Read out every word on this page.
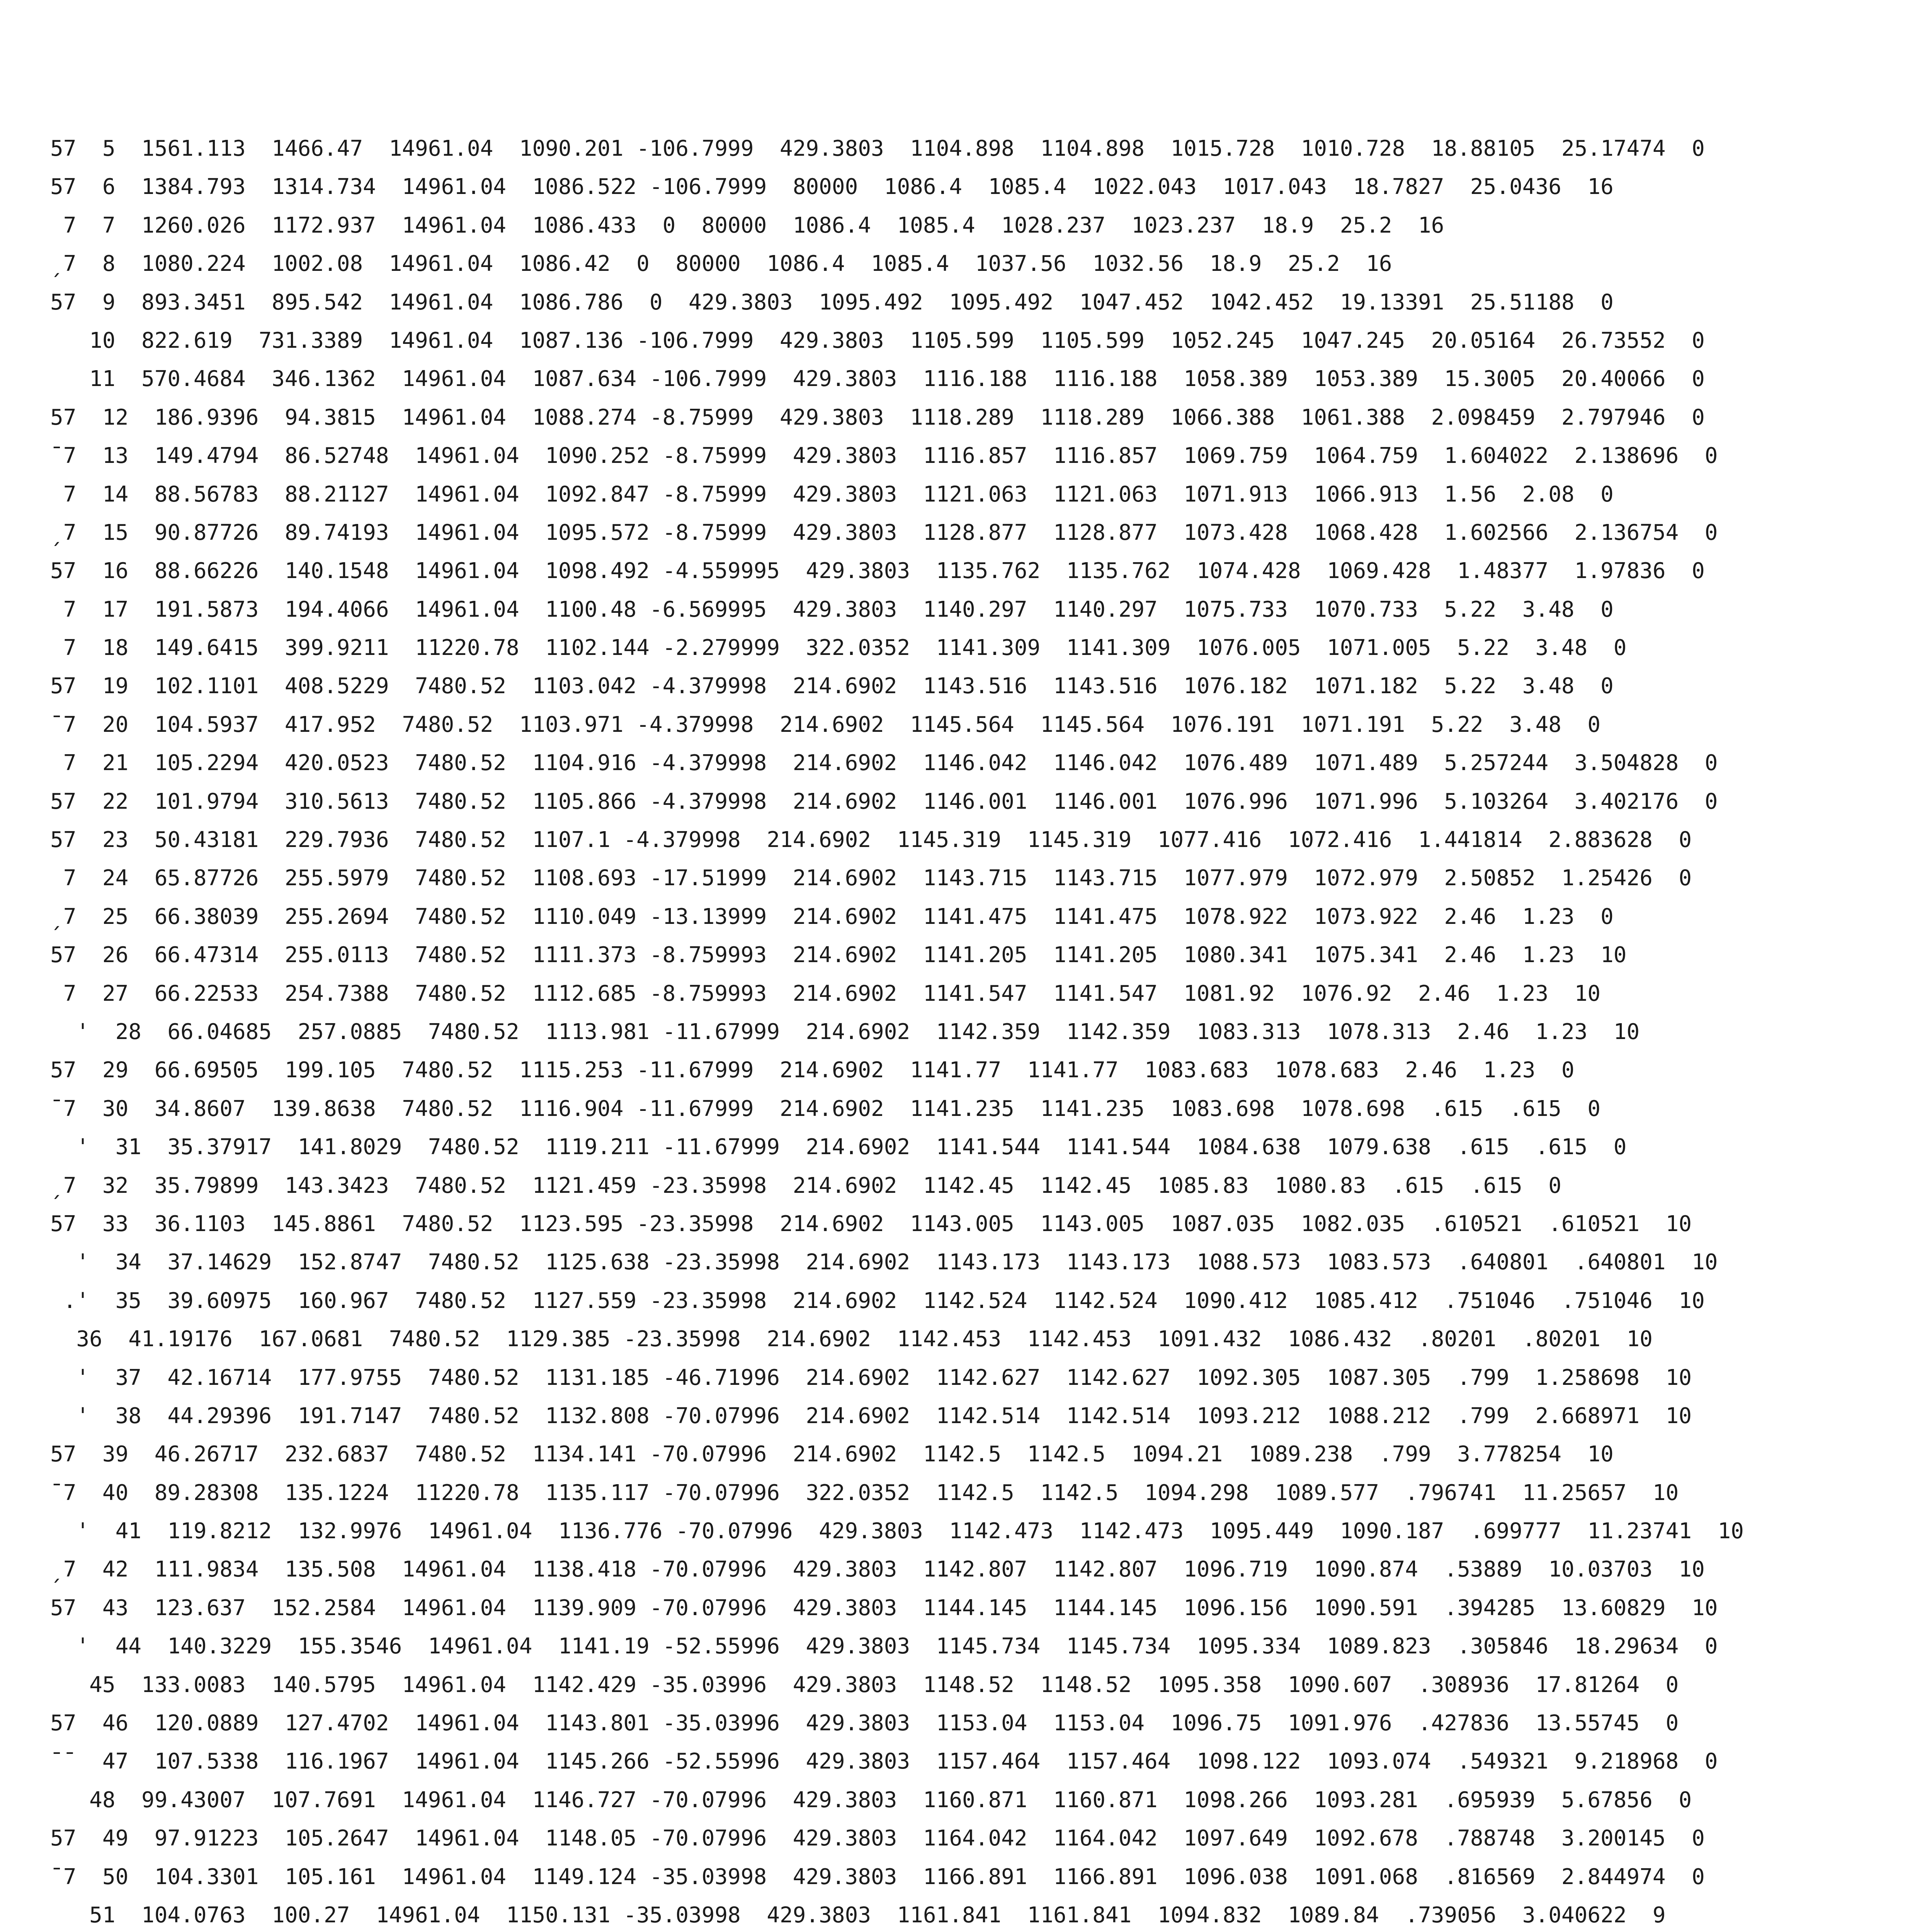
57  5  1561.113  1466.47  14961.04  1090.201 -106.7999  429.3803  1104.898  1104.898  1015.728  1010.728  18.88105  25.17474  0
57  6  1384.793  1314.734  14961.04  1086.522 -106.7999  80000  1086.4  1085.4  1022.043  1017.043  18.7827  25.0436  16
7  7  1260.026  1172.937  14961.04  1086.433  0  80000  1086.4  1085.4  1028.237  1023.237  18.9  25.2  16
ˏ7  8  1080.224  1002.08  14961.04  1086.42  0  80000  1086.4  1085.4  1037.56  1032.56  18.9  25.2  16
57  9  893.3451  895.542  14961.04  1086.786  0  429.3803  1095.492  1095.492  1047.452  1042.452  19.13391  25.51188  0
10  822.619  731.3389  14961.04  1087.136 -106.7999  429.3803  1105.599  1105.599  1052.245  1047.245  20.05164  26.73552  0
11  570.4684  346.1362  14961.04  1087.634 -106.7999  429.3803  1116.188  1116.188  1058.389  1053.389  15.3005  20.40066  0
57  12  186.9396  94.3815  14961.04  1088.274 -8.75999  429.3803  1118.289  1118.289  1066.388  1061.388  2.098459  2.797946  0
ˉ7  13  149.4794  86.52748  14961.04  1090.252 -8.75999  429.3803  1116.857  1116.857  1069.759  1064.759  1.604022  2.138696  0
7  14  88.56783  88.21127  14961.04  1092.847 -8.75999  429.3803  1121.063  1121.063  1071.913  1066.913  1.56  2.08  0
ˏ7  15  90.87726  89.74193  14961.04  1095.572 -8.75999  429.3803  1128.877  1128.877  1073.428  1068.428  1.602566  2.136754  0
57  16  88.66226  140.1548  14961.04  1098.492 -4.559995  429.3803  1135.762  1135.762  1074.428  1069.428  1.48377  1.97836  0
7  17  191.5873  194.4066  14961.04  1100.48 -6.569995  429.3803  1140.297  1140.297  1075.733  1070.733  5.22  3.48  0
7  18  149.6415  399.9211  11220.78  1102.144 -2.279999  322.0352  1141.309  1141.309  1076.005  1071.005  5.22  3.48  0
57  19  102.1101  408.5229  7480.52  1103.042 -4.379998  214.6902  1143.516  1143.516  1076.182  1071.182  5.22  3.48  0
ˉ7  20  104.5937  417.952  7480.52  1103.971 -4.379998  214.6902  1145.564  1145.564  1076.191  1071.191  5.22  3.48  0
7  21  105.2294  420.0523  7480.52  1104.916 -4.379998  214.6902  1146.042  1146.042  1076.489  1071.489  5.257244  3.504828  0
57  22  101.9794  310.5613  7480.52  1105.866 -4.379998  214.6902  1146.001  1146.001  1076.996  1071.996  5.103264  3.402176  0
57  23  50.43181  229.7936  7480.52  1107.1 -4.379998  214.6902  1145.319  1145.319  1077.416  1072.416  1.441814  2.883628  0
7  24  65.87726  255.5979  7480.52  1108.693 -17.51999  214.6902  1143.715  1143.715  1077.979  1072.979  2.50852  1.25426  0
ˏ7  25  66.38039  255.2694  7480.52  1110.049 -13.13999  214.6902  1141.475  1141.475  1078.922  1073.922  2.46  1.23  0
57  26  66.47314  255.0113  7480.52  1111.373 -8.759993  214.6902  1141.205  1141.205  1080.341  1075.341  2.46  1.23  10
7  27  66.22533  254.7388  7480.52  1112.685 -8.759993  214.6902  1141.547  1141.547  1081.92  1076.92  2.46  1.23  10
'  28  66.04685  257.0885  7480.52  1113.981 -11.67999  214.6902  1142.359  1142.359  1083.313  1078.313  2.46  1.23  10
57  29  66.69505  199.105  7480.52  1115.253 -11.67999  214.6902  1141.77  1141.77  1083.683  1078.683  2.46  1.23  0
ˉ7  30  34.8607  139.8638  7480.52  1116.904 -11.67999  214.6902  1141.235  1141.235  1083.698  1078.698  .615  .615  0
'  31  35.37917  141.8029  7480.52  1119.211 -11.67999  214.6902  1141.544  1141.544  1084.638  1079.638  .615  .615  0
ˏ7  32  35.79899  143.3423  7480.52  1121.459 -23.35998  214.6902  1142.45  1142.45  1085.83  1080.83  .615  .615  0
57  33  36.1103  145.8861  7480.52  1123.595 -23.35998  214.6902  1143.005  1143.005  1087.035  1082.035  .610521  .610521  10
'  34  37.14629  152.8747  7480.52  1125.638 -23.35998  214.6902  1143.173  1143.173  1088.573  1083.573  .640801  .640801  10
.'  35  39.60975  160.967  7480.52  1127.559 -23.35998  214.6902  1142.524  1142.524  1090.412  1085.412  .751046  .751046  10
36  41.19176  167.0681  7480.52  1129.385 -23.35998  214.6902  1142.453  1142.453  1091.432  1086.432  .80201  .80201  10
'  37  42.16714  177.9755  7480.52  1131.185 -46.71996  214.6902  1142.627  1142.627  1092.305  1087.305  .799  1.258698  10
'  38  44.29396  191.7147  7480.52  1132.808 -70.07996  214.6902  1142.514  1142.514  1093.212  1088.212  .799  2.668971  10
57  39  46.26717  232.6837  7480.52  1134.141 -70.07996  214.6902  1142.5  1142.5  1094.21  1089.238  .799  3.778254  10
ˉ7  40  89.28308  135.1224  11220.78  1135.117 -70.07996  322.0352  1142.5  1142.5  1094.298  1089.577  .796741  11.25657  10
'  41  119.8212  132.9976  14961.04  1136.776 -70.07996  429.3803  1142.473  1142.473  1095.449  1090.187  .699777  11.23741  10
ˏ7  42  111.9834  135.508  14961.04  1138.418 -70.07996  429.3803  1142.807  1142.807  1096.719  1090.874  .53889  10.03703  10
57  43  123.637  152.2584  14961.04  1139.909 -70.07996  429.3803  1144.145  1144.145  1096.156  1090.591  .394285  13.60829  10
'  44  140.3229  155.3546  14961.04  1141.19 -52.55996  429.3803  1145.734  1145.734  1095.334  1089.823  .305846  18.29634  0
45  133.0083  140.5795  14961.04  1142.429 -35.03996  429.3803  1148.52  1148.52  1095.358  1090.607  .308936  17.81264  0
57  46  120.0889  127.4702  14961.04  1143.801 -35.03996  429.3803  1153.04  1153.04  1096.75  1091.976  .427836  13.55745  0
ˉˉ  47  107.5338  116.1967  14961.04  1145.266 -52.55996  429.3803  1157.464  1157.464  1098.122  1093.074  .549321  9.218968  0
48  99.43007  107.7691  14961.04  1146.727 -70.07996  429.3803  1160.871  1160.871  1098.266  1093.281  .695939  5.67856  0
57  49  97.91223  105.2647  14961.04  1148.05 -70.07996  429.3803  1164.042  1164.042  1097.649  1092.678  .788748  3.200145  0
ˉ7  50  104.3301  105.161  14961.04  1149.124 -35.03998  429.3803  1166.891  1166.891  1096.038  1091.068  .816569  2.844974  0
51  104.0763  100.27  14961.04  1150.131 -35.03998  429.3803  1161.841  1161.841  1094.832  1089.84  .739056  3.040622  9
